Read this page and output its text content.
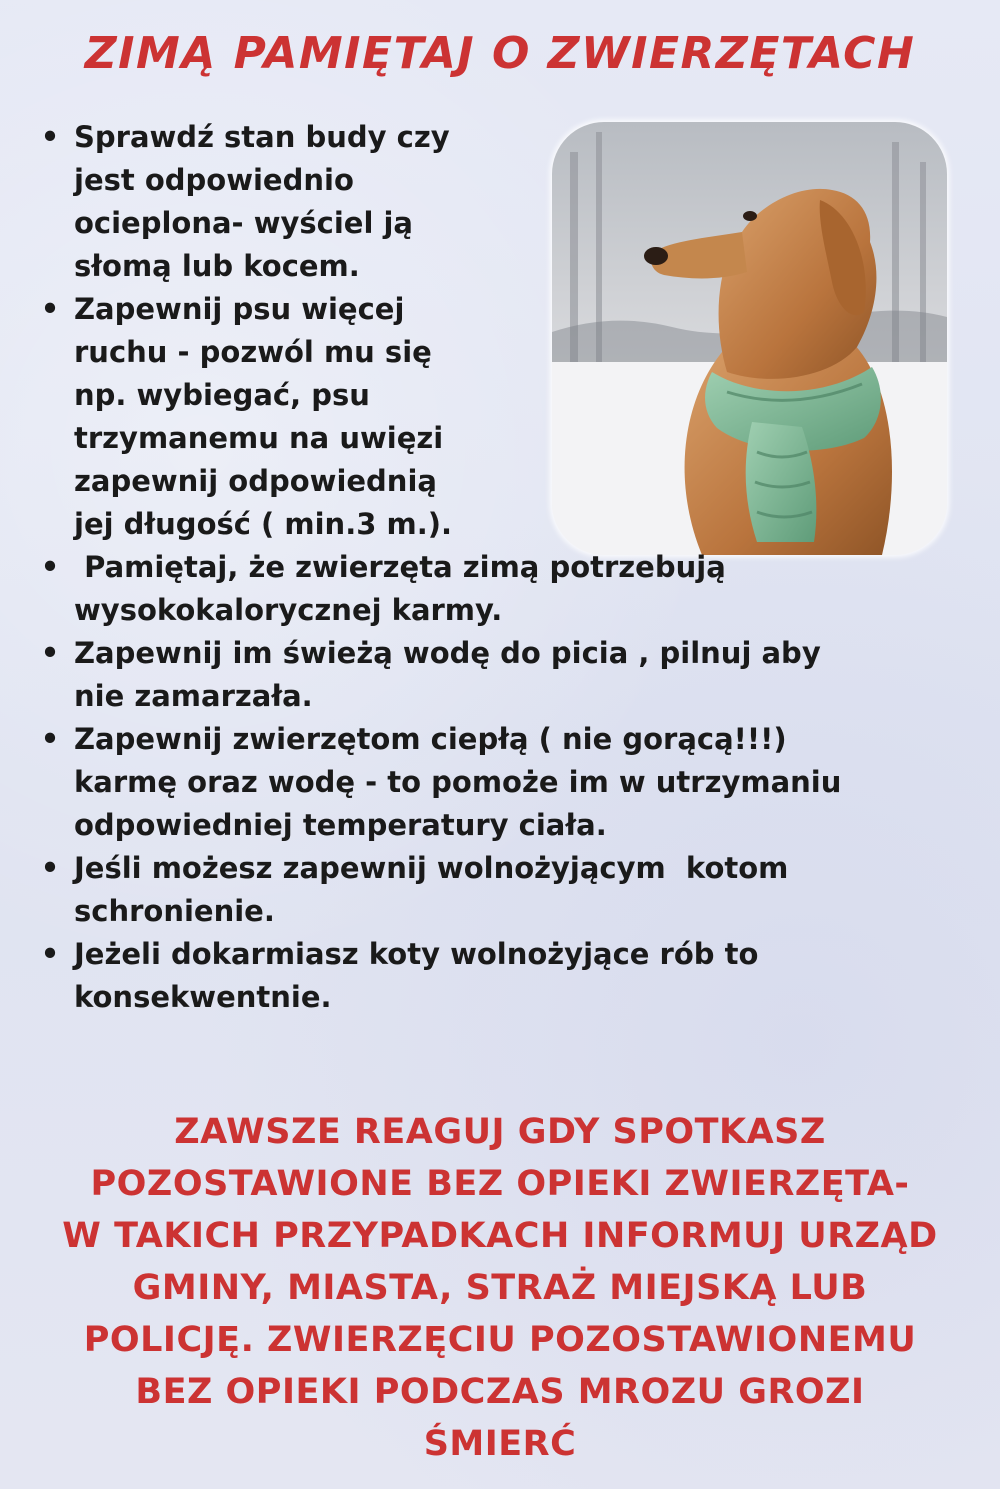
ZIMĄ PAMIĘTAJ O ZWIERZĘTACH
• Sprawdź stan budy czy
jest odpowiednio
ocieplona- wyściel ją
słomą lub kocem.
• Zapewnij psu więcej
ruchu - pozwól mu się
np. wybiegać, psu
trzymanemu na uwięzi
zapewnij odpowiednią
jej długość ( min.3 m.).
• Pamiętaj, że zwierzęta zimą potrzebują
wysokokalorycznej karmy.
• Zapewnij im świeżą wodę do picia , pilnuj aby
nie zamarzała.
• Zapewnij zwierzętom ciepłą ( nie gorącą!!!)
karmę oraz wodę - to pomoże im w utrzymaniu
odpowiedniej temperatury ciała.
• Jeśli możesz zapewnij wolnożyjącym  kotom
schronienie.
• Jeżeli dokarmiasz koty wolnożyjące rób to
konsekwentnie.

ZAWSZE REAGUJ GDY SPOTKASZ
POZOSTAWIONE BEZ OPIEKI ZWIERZĘTA-
W TAKICH PRZYPADKACH INFORMUJ URZĄD
GMINY, MIASTA, STRAŻ MIEJSKĄ LUB
POLICJĘ. ZWIERZĘCIU POZOSTAWIONEMU
BEZ OPIEKI PODCZAS MROZU GROZI
ŚMIERĆ
